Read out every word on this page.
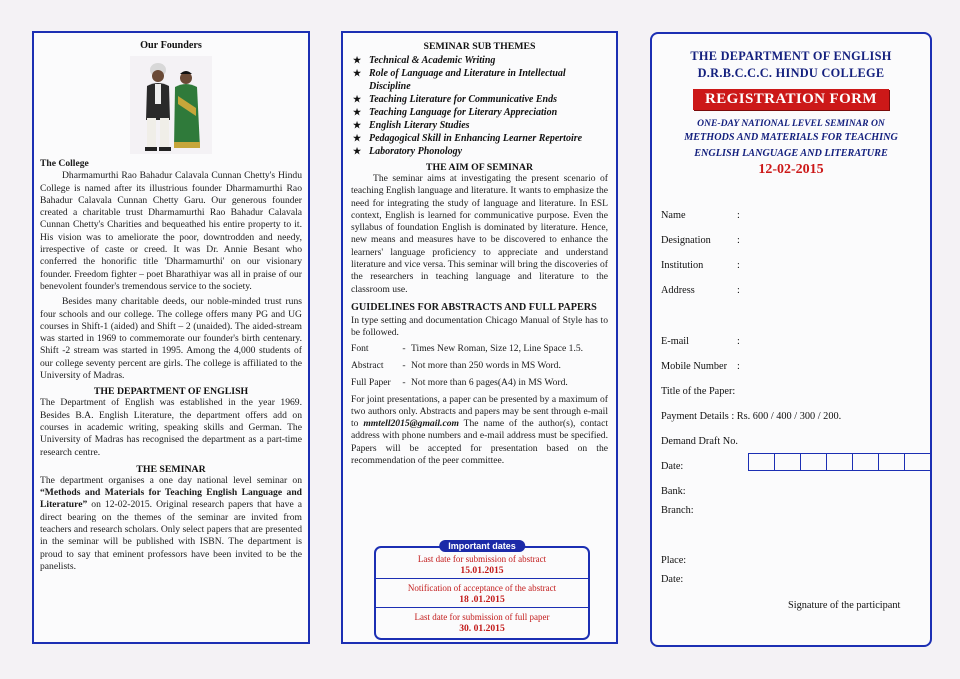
Our Founders

The College

Dharmamurthi Rao Bahadur Calavala Cunnan Chetty's Hindu College is named after its illustrious founder Dharmamurthi Rao Bahadur Calavala Cunnan Chetty Garu. Our generous founder created a charitable trust Dharmamurthi Rao Bahadur Calavala Cunnan Chetty's Charities and bequeathed his entire property to it. His vision was to ameliorate the poor, downtrodden and needy, irrespective of caste or creed. It was Dr. Annie Besant who conferred the honorific title 'Dharmamurthi' on our visionary founder. Freedom fighter – poet Bharathiyar was all in praise of our benevolent founder's tremendous service to the society.

Besides many charitable deeds, our noble-minded trust runs four schools and our college. The college offers many PG and UG courses in Shift-1 (aided) and Shift – 2 (unaided). The aided-stream was started in 1969 to commemorate our founder's birth centenary. Shift -2 stream was started in 1995. Among the 4,000 students of our college seventy percent are girls. The college is affiliated to the University of Madras.

THE DEPARTMENT OF ENGLISH

The Department of English was established in the year 1969. Besides B.A. English Literature, the department offers add on courses in academic writing, speaking skills and German. The University of Madras has recognised the department as a part-time research centre.

THE SEMINAR

The department organises a one day national level seminar on “Methods and Materials for Teaching English Language and Literature” on 12-02-2015. Original research papers that have a direct bearing on the themes of the seminar are invited from teachers and research scholars. Only select papers that are presented in the seminar will be published with ISBN. The department is proud to say that eminent professors have been invited to be the panelists.

SEMINAR SUB THEMES

★ Technical & Academic Writing
★ Role of Language and Literature in Intellectual Discipline
★ Teaching Literature for Communicative Ends
★ Teaching Language for Literary Appreciation
★ English Literary Studies
★ Pedagogical Skill in Enhancing Learner Repertoire
★ Laboratory Phonology

THE AIM OF SEMINAR

The seminar aims at investigating the present scenario of teaching English language and literature. It wants to emphasize the need for integrating the study of language and literature. In ESL context, English is learned for communicative purpose. Even the syllabus of foundation English is dominated by literature. Hence, new means and measures have to be discovered to enhance the learners' language proficiency to appreciate and understand literature and vice versa. This seminar will bring the discoveries of the researchers in teaching language and literature to the classroom use.

GUIDELINES FOR ABSTRACTS AND FULL PAPERS

In type setting and documentation Chicago Manual of Style has to be followed.

Font	- Times New Roman, Size 12, Line Space 1.5.
Abstract	- Not more than 250 words in MS Word.
Full Paper	- Not more than 6 pages(A4) in MS Word.

For joint presentations, a paper can be presented by a maximum of two authors only. Abstracts and papers may be sent through e-mail to mmtell2015@gmail.com The name of the author(s), contact address with phone numbers and e-mail address must be specified. Papers will be accepted for presentation based on the recommendation of the peer committee.

Important dates
Last date for submission of abstract
15.01.2015
Notification of acceptance of the abstract
18 .01.2015
Last date for submission of full paper
30. 01.2015
THE DEPARTMENT OF ENGLISH
D.R.B.C.C.C. HINDU COLLEGE
REGISTRATION FORM
ONE-DAY NATIONAL LEVEL SEMINAR ON
METHODS AND MATERIALS FOR TEACHING
ENGLISH LANGUAGE AND LITERATURE
12-02-2015
Name	:
Designation	:
Institution	:
Address	:
E-mail	:
Mobile Number :
Title of the Paper:
Payment Details : Rs. 600 / 400 / 300 / 200.
Demand Draft No.
Date:
Bank:
Branch:
Place:
Date:
Signature of the participant
